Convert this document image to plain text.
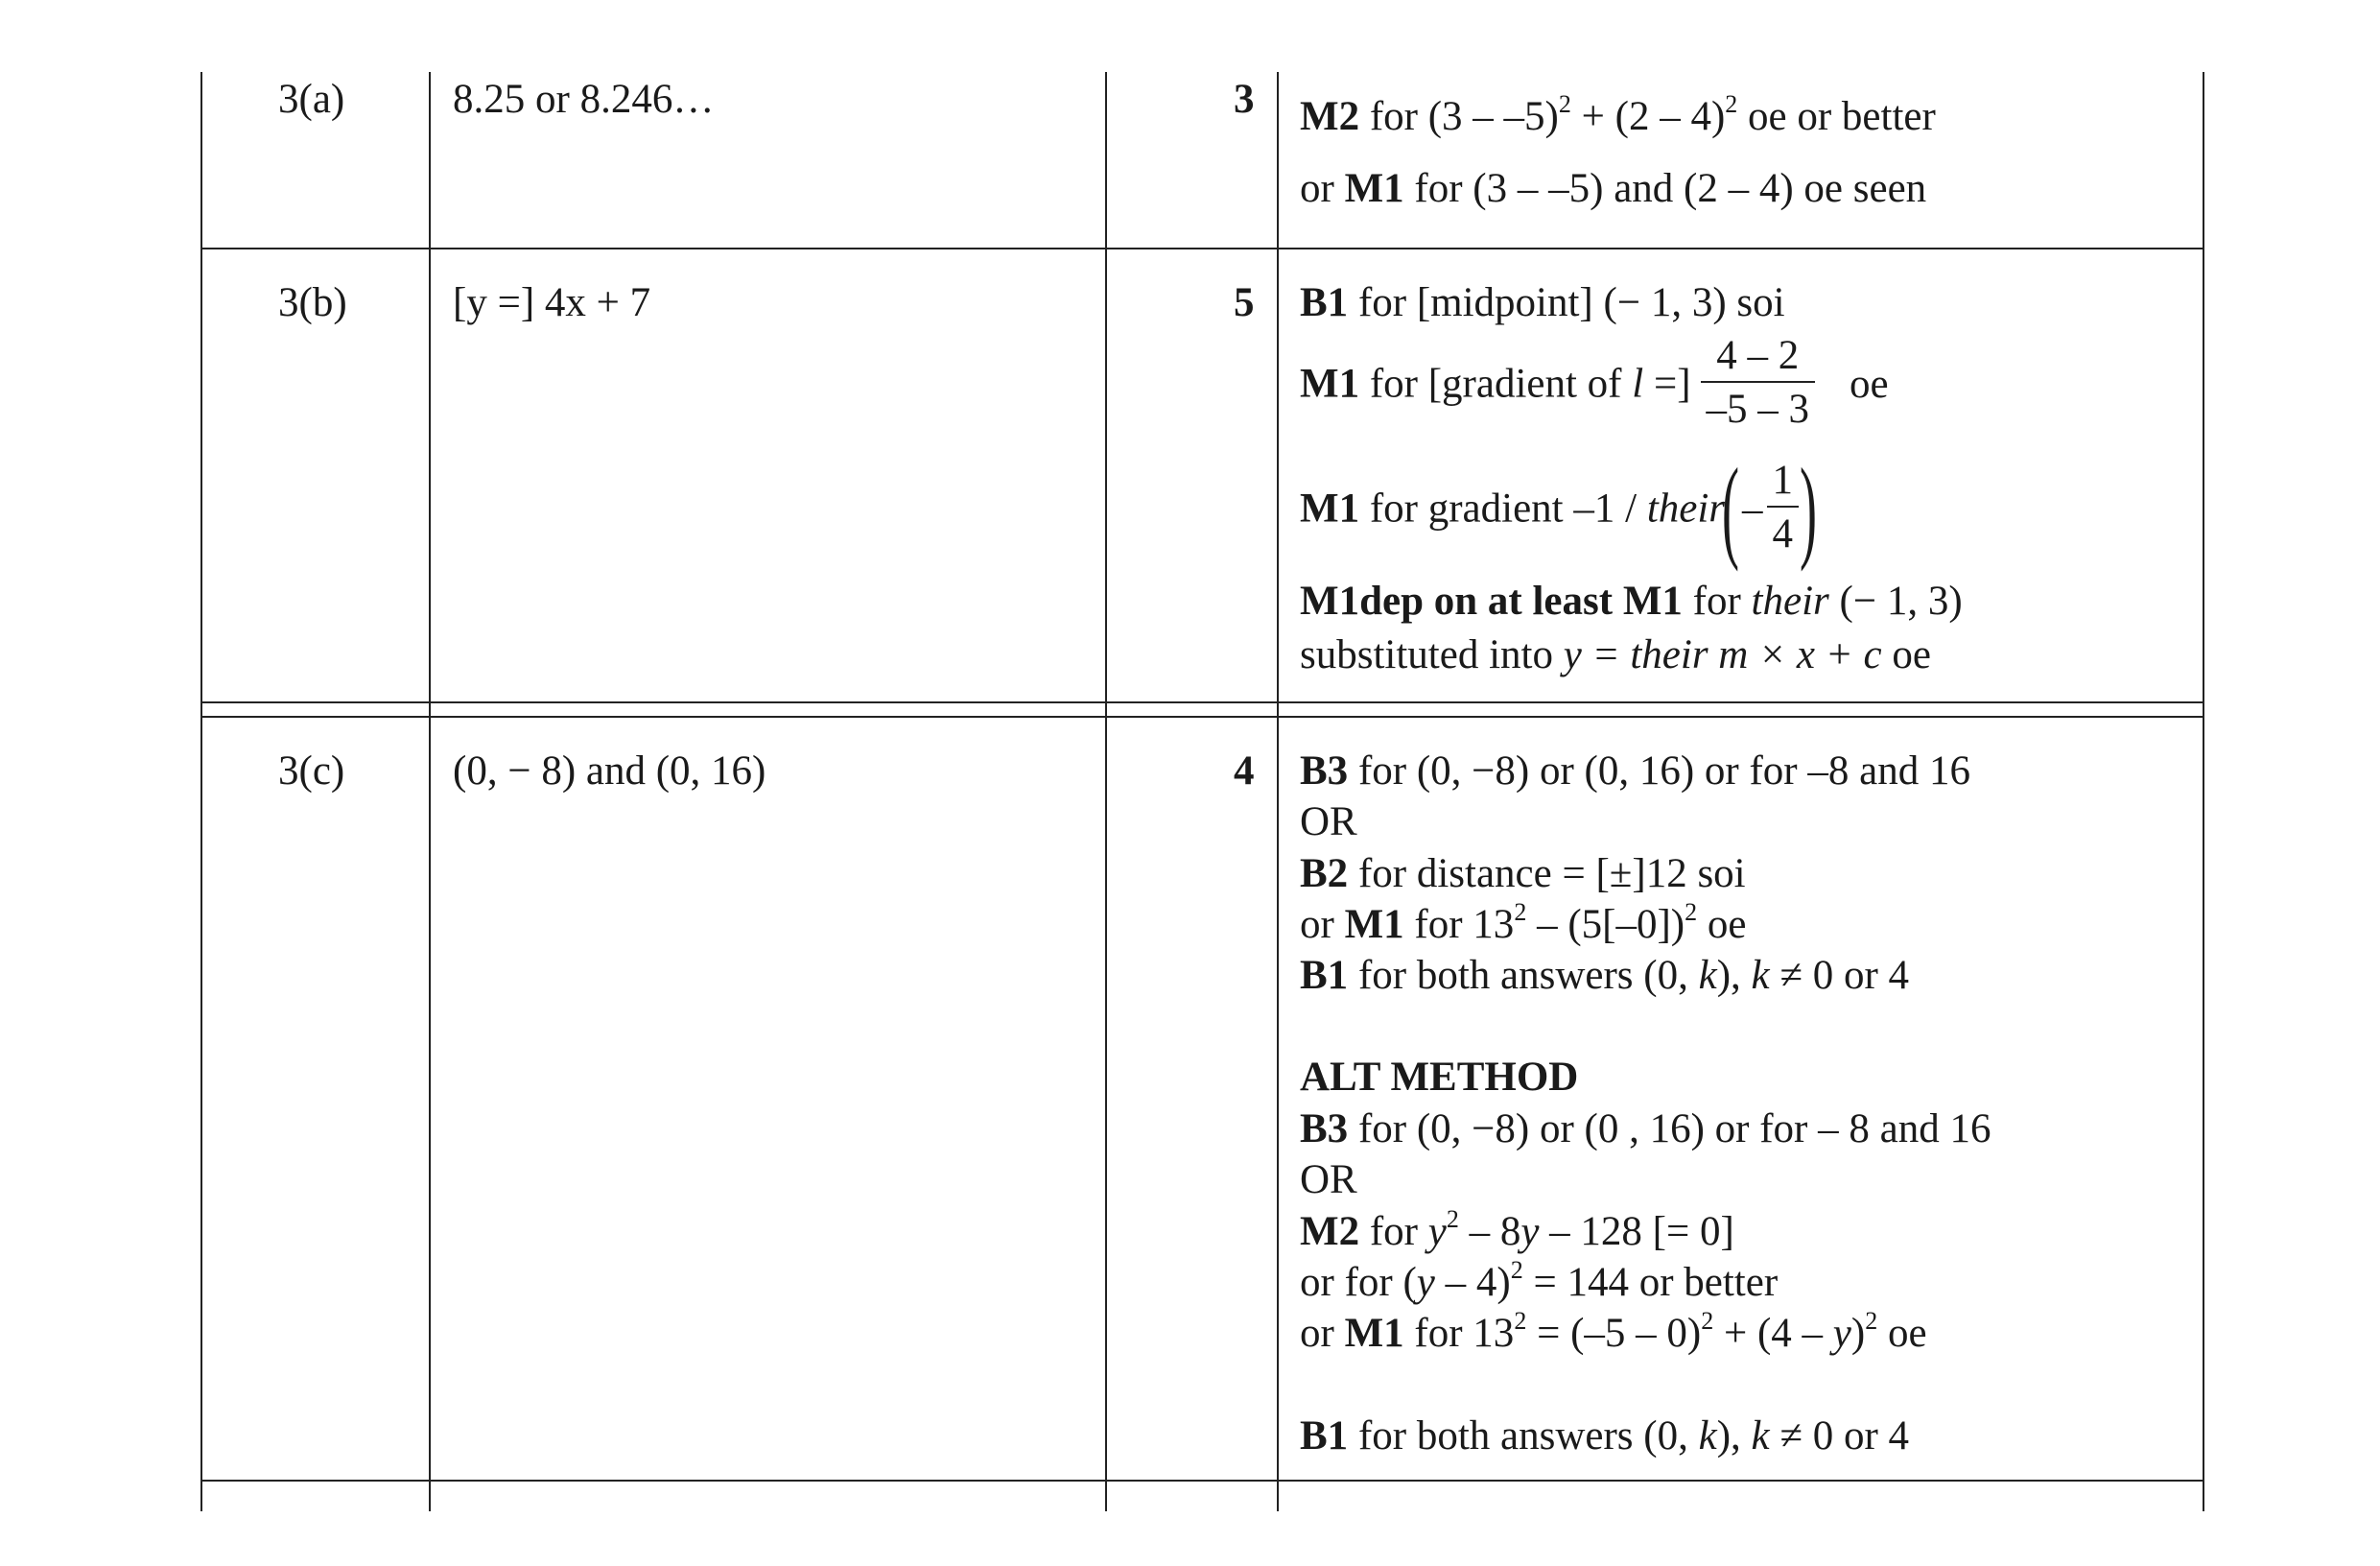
3(a)	8.25 or 8.246…	3 M2 for (3 – –5)$^2$ + (2 – 4)$^2$ oe or better
or M1 for (3 – –5) and (2 – 4) oe seen
3(b)	[y =] 4x + 7	5 B1 for [midpoint] (− 1, 3) soi
M1 for [gradient of l =] $\frac{4 - 2}{-5 - 3}$ oe
M1 for gradient –1 / their(– $\frac{1}{4}$ )
M1dep on at least M1 for their (− 1, 3)
substituted into y = their m × x + c oe
3(c)	(0, − 8) and (0, 16)	4 B3 for (0, −8) or (0, 16) or for –8 and 16
OR
B2 for distance = [±]12 soi
or M1 for $13^2 - (5[-0])^2$ oe
B1 for both answers (0, k), k ≠ 0 or 4
ALT METHOD
B3 for (0, −8) or (0 , 16) or for – 8 and 16
OR
M2 for $y^2 - 8y - 128$ [= 0]
or for (y – 4)$^2$ = 144 or better
or M1 for $13^2 = (-5 - 0)^2 + (4 - y)^2$ oe
B1 for both answers (0, k), k ≠ 0 or 4
